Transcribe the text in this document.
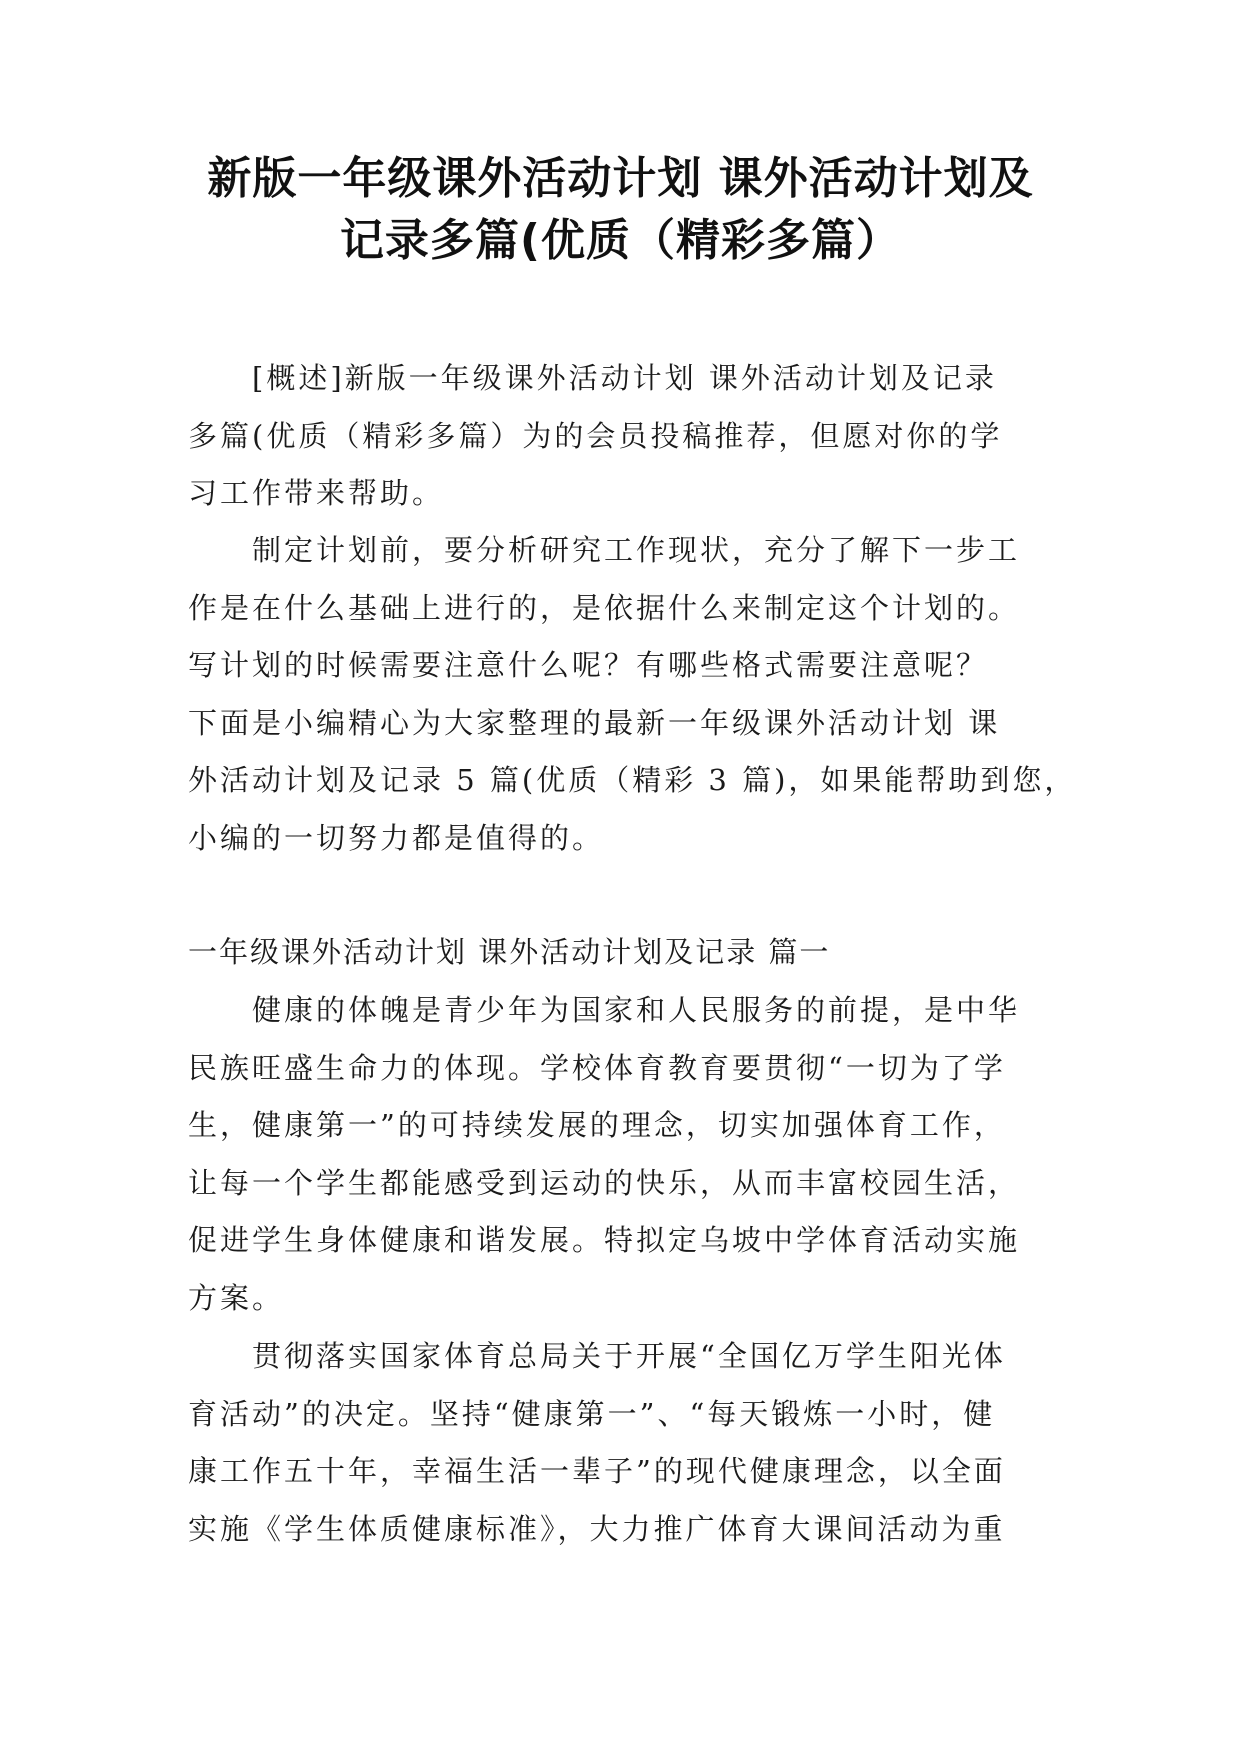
新版一年级课外活动计划 课外活动计划及
记录多篇(优质（精彩多篇）
[概述]新版一年级课外活动计划 课外活动计划及记录
多篇(优质（精彩多篇）为的会员投稿推荐，但愿对你的学
习工作带来帮助。
制定计划前，要分析研究工作现状，充分了解下一步工
作是在什么基础上进行的，是依据什么来制定这个计划的。
写计划的时候需要注意什么呢？有哪些格式需要注意呢？
下面是小编精心为大家整理的最新一年级课外活动计划 课
外活动计划及记录 5 篇(优质（精彩 3 篇)，如果能帮助到您，
小编的一切努力都是值得的。
一年级课外活动计划 课外活动计划及记录 篇一
健康的体魄是青少年为国家和人民服务的前提，是中华
民族旺盛生命力的体现。学校体育教育要贯彻“一切为了学
生，健康第一”的可持续发展的理念，切实加强体育工作，
让每一个学生都能感受到运动的快乐，从而丰富校园生活，
促进学生身体健康和谐发展。特拟定乌坡中学体育活动实施
方案。
贯彻落实国家体育总局关于开展“全国亿万学生阳光体
育活动”的决定。坚持“健康第一”、“每天锻炼一小时，健
康工作五十年，幸福生活一辈子”的现代健康理念，以全面
实施《学生体质健康标准》，大力推广体育大课间活动为重
